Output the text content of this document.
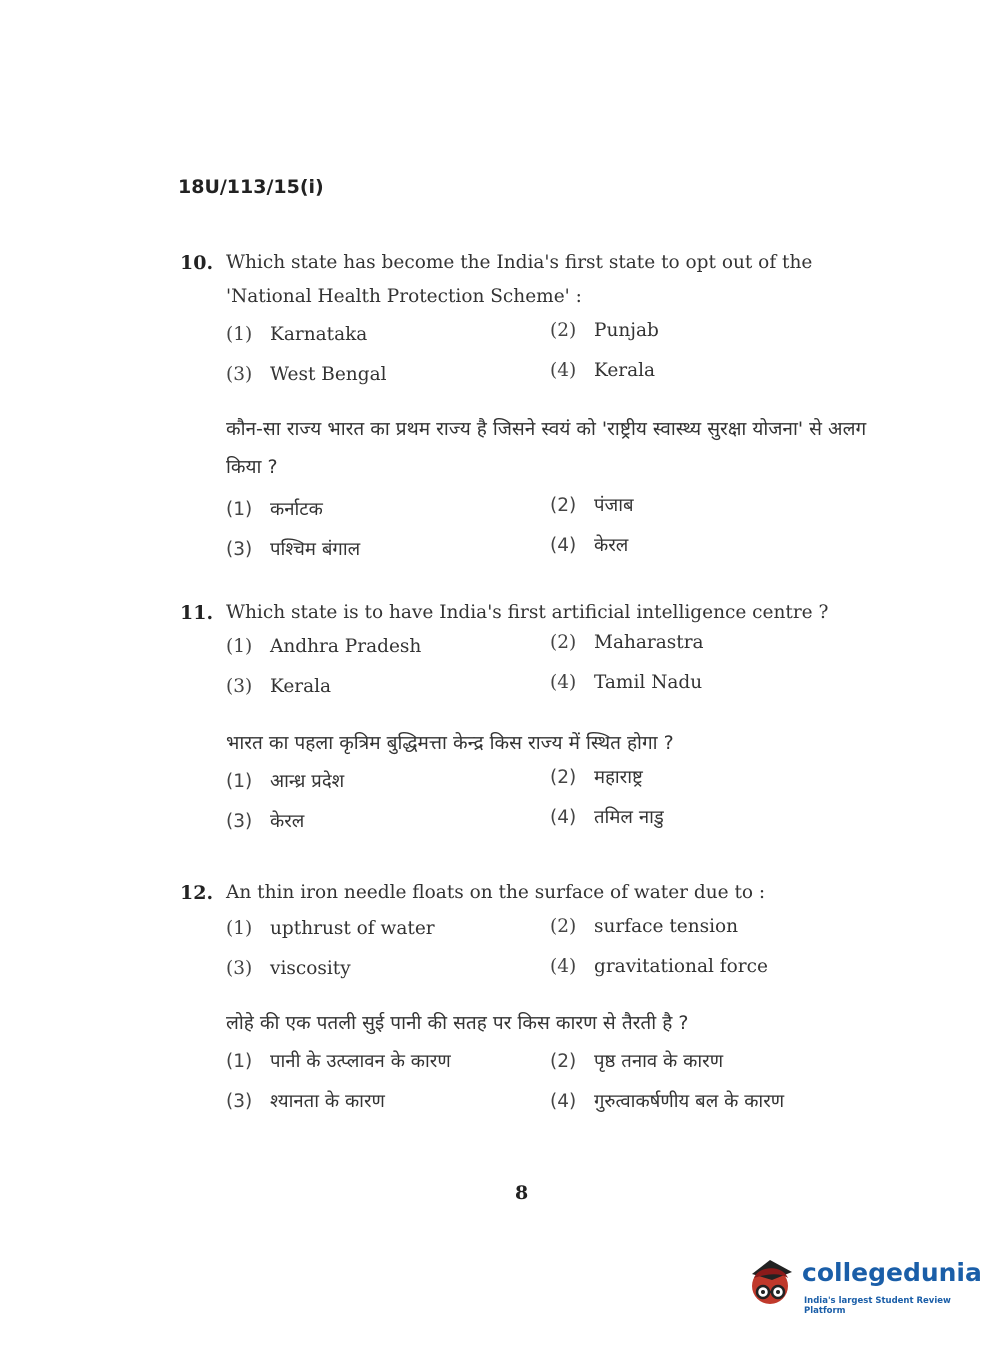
18U/113/15(i)
10. Which state has become the India's first state to opt out of the 'National Health Protection Scheme' :
(1) Karnataka	(2) Punjab
(3) West Bengal	(4) Kerala
कौन-सा राज्य भारत का प्रथम राज्य है जिसने स्वयं को 'राष्ट्रीय स्वास्थ्य सुरक्षा योजना' से अलग किया ?
(1) कर्नाटक	(2) पंजाब
(3) पश्चिम बंगाल	(4) केरल
11. Which state is to have India's first artificial intelligence centre ?
(1) Andhra Pradesh	(2) Maharastra
(3) Kerala	(4) Tamil Nadu
भारत का पहला कृत्रिम बुद्धिमत्ता केन्द्र किस राज्य में स्थित होगा ?
(1) आन्ध्र प्रदेश	(2) महाराष्ट्र
(3) केरल	(4) तमिल नाडु
12. An thin iron needle floats on the surface of water due to :
(1) upthrust of water	(2) surface tension
(3) viscosity	(4) gravitational force
लोहे की एक पतली सुई पानी की सतह पर किस कारण से तैरती है ?
(1) पानी के उत्प्लावन के कारण	(2) पृष्ठ तनाव के कारण
(3) श्यानता के कारण	(4) गुरुत्वाकर्षणीय बल के कारण
8
collegedunia
India's largest Student Review Platform
